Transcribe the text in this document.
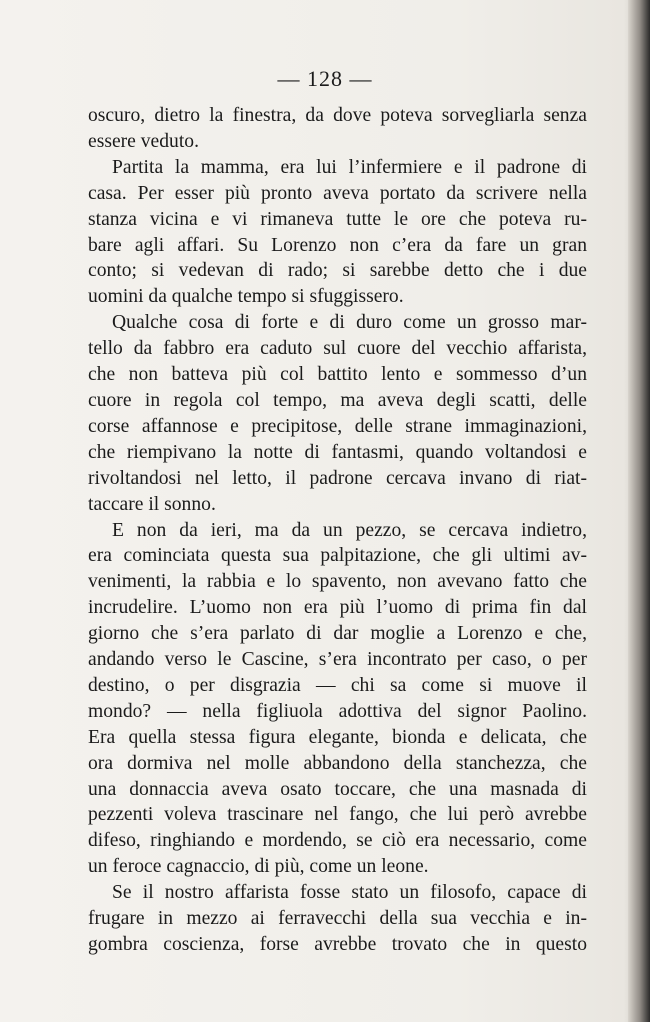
— 128 —
oscuro, dietro la finestra, da dove poteva sorvegliarla senza
essere veduto.
Partita la mamma, era lui l’infermiere e il padrone di
casa. Per esser più pronto aveva portato da scrivere nella
stanza vicina e vi rimaneva tutte le ore che poteva ru-
bare agli affari. Su Lorenzo non c’era da fare un gran
conto; si vedevan di rado; si sarebbe detto che i due
uomini da qualche tempo si sfuggissero.
Qualche cosa di forte e di duro come un grosso mar-
tello da fabbro era caduto sul cuore del vecchio affarista,
che non batteva più col battito lento e sommesso d’un
cuore in regola col tempo, ma aveva degli scatti, delle
corse affannose e precipitose, delle strane immaginazioni,
che riempivano la notte di fantasmi, quando voltandosi e
rivoltandosi nel letto, il padrone cercava invano di riat-
taccare il sonno.
E non da ieri, ma da un pezzo, se cercava indietro,
era cominciata questa sua palpitazione, che gli ultimi av-
venimenti, la rabbia e lo spavento, non avevano fatto che
incrudelire. L’uomo non era più l’uomo di prima fin dal
giorno che s’era parlato di dar moglie a Lorenzo e che,
andando verso le Cascine, s’era incontrato per caso, o per
destino, o per disgrazia — chi sa come si muove il
mondo? — nella figliuola adottiva del signor Paolino.
Era quella stessa figura elegante, bionda e delicata, che
ora dormiva nel molle abbandono della stanchezza, che
una donnaccia aveva osato toccare, che una masnada di
pezzenti voleva trascinare nel fango, che lui però avrebbe
difeso, ringhiando e mordendo, se ciò era necessario, come
un feroce cagnaccio, di più, come un leone.
Se il nostro affarista fosse stato un filosofo, capace di
frugare in mezzo ai ferravecchi della sua vecchia e in-
gombra coscienza, forse avrebbe trovato che in questo
